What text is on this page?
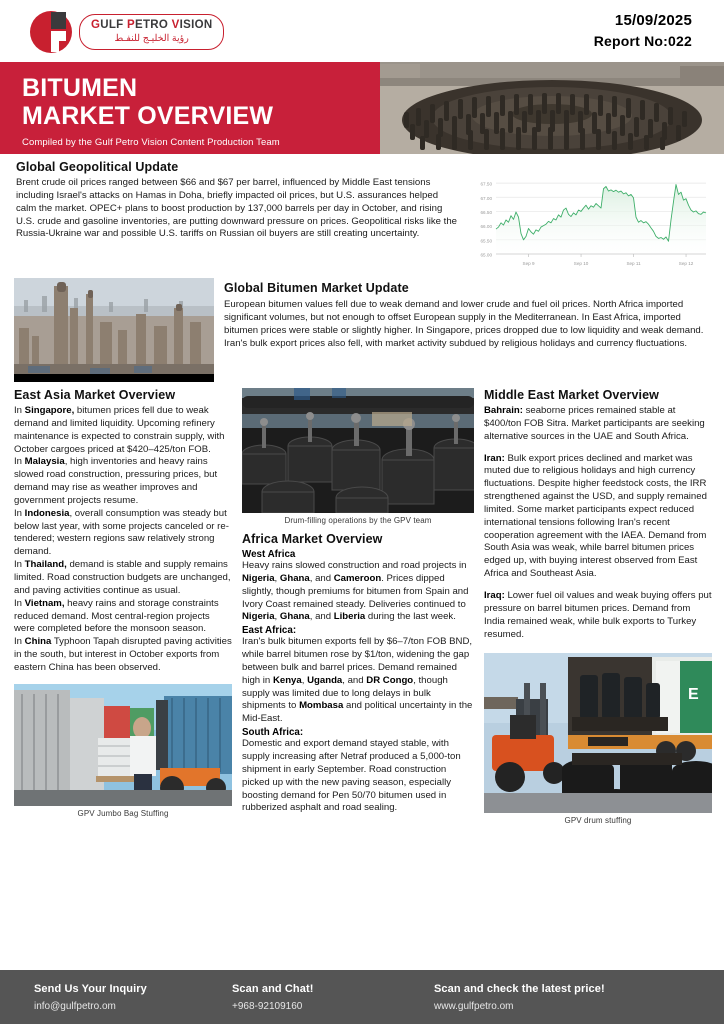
GULF PETRO VISION
رؤية الخليـج للنفـط
15/09/2025
Report No:022
BITUMEN
MARKET OVERVIEW
Compiled by the Gulf Petro Vision Content Production Team
Global Geopolitical Update
Brent crude oil prices ranged between $66 and $67 per barrel, influenced by Middle East tensions including Israel's attacks on Hamas in Doha, briefly impacted oil prices, but U.S. assurances helped calm the market. OPEC+ plans to boost production by 137,000 barrels per day in October, and rising U.S. crude and gasoline inventories, are putting downward pressure on prices. Geopolitical risks like the Russia-Ukraine war and possible U.S. tariffs on Russian oil buyers are still creating uncertainty.
67.50
67.00
66.50
66.00
65.50
65.00
Sep 9	Sep 10	Sep 11	Sep 12
Global Bitumen Market Update
European bitumen values fell due to weak demand and lower crude and fuel oil prices. North Africa imported significant volumes, but not enough to offset European supply in the Mediterranean. In East Africa, imported bitumen prices were stable or slightly higher. In Singapore, prices dropped due to low liquidity and weak demand. Iran's bulk export prices also fell, with market activity subdued by religious holidays and currency fluctuations.
East Asia Market Overview
In Singapore, bitumen prices fell due to weak demand and limited liquidity. Upcoming refinery maintenance is expected to constrain supply, with October cargoes priced at $420–425/ton FOB.
In Malaysia, high inventories and heavy rains slowed road construction, pressuring prices, but demand may rise as weather improves and government projects resume.
In Indonesia, overall consumption was steady but below last year, with some projects canceled or re-tendered; western regions saw relatively strong demand.
In Thailand, demand is stable and supply remains limited. Road construction budgets are unchanged, and paving activities continue as usual.
In Vietnam, heavy rains and storage constraints reduced demand. Most central-region projects were completed before the monsoon season.
In China Typhoon Tapah disrupted paving activities in the south, but interest in October exports from eastern China has been observed.
GPV Jumbo Bag Stuffing
Drum-filling operations by the GPV team
Africa Market Overview
West Africa
Heavy rains slowed construction and road projects in Nigeria, Ghana, and Cameroon. Prices dipped slightly, though premiums for bitumen from Spain and Ivory Coast remained steady. Deliveries continued to Nigeria, Ghana, and Liberia during the last week.
East Africa:
Iran's bulk bitumen exports fell by $6–7/ton FOB BND, while barrel bitumen rose by $1/ton, widening the gap between bulk and barrel prices. Demand remained high in Kenya, Uganda, and DR Congo, though supply was limited due to long delays in bulk shipments to Mombasa and political uncertainty in the Mid-East.
South Africa:
Domestic and export demand stayed stable, with supply increasing after Netraf produced a 5,000-ton shipment in early September. Road construction picked up with the new paving season, especially boosting demand for Pen 50/70 bitumen used in rubberized asphalt and road sealing.
Middle East Market Overview
Bahrain: seaborne prices remained stable at $400/ton FOB Sitra. Market participants are seeking alternative sources in the UAE and South Africa.
Iran: Bulk export prices declined and market was muted due to religious holidays and high currency fluctuations. Despite higher feedstock costs, the IRR strengthened against the USD, and supply remained limited. Some market participants expect reduced international tensions following Iran's recent cooperation agreement with the IAEA. Demand from South Asia was weak, while barrel bitumen prices edged up, with buying interest observed from East Africa and Southeast Asia.
Iraq: Lower fuel oil values and weak buying offers put pressure on barrel bitumen prices. Demand from India remained weak, while bulk exports to Turkey resumed.
E
GPV drum stuffing
Send Us Your Inquiry
info@gulfpetro.om
Scan and Chat!
+968-92109160
Scan and check the latest price!
www.gulfpetro.om
